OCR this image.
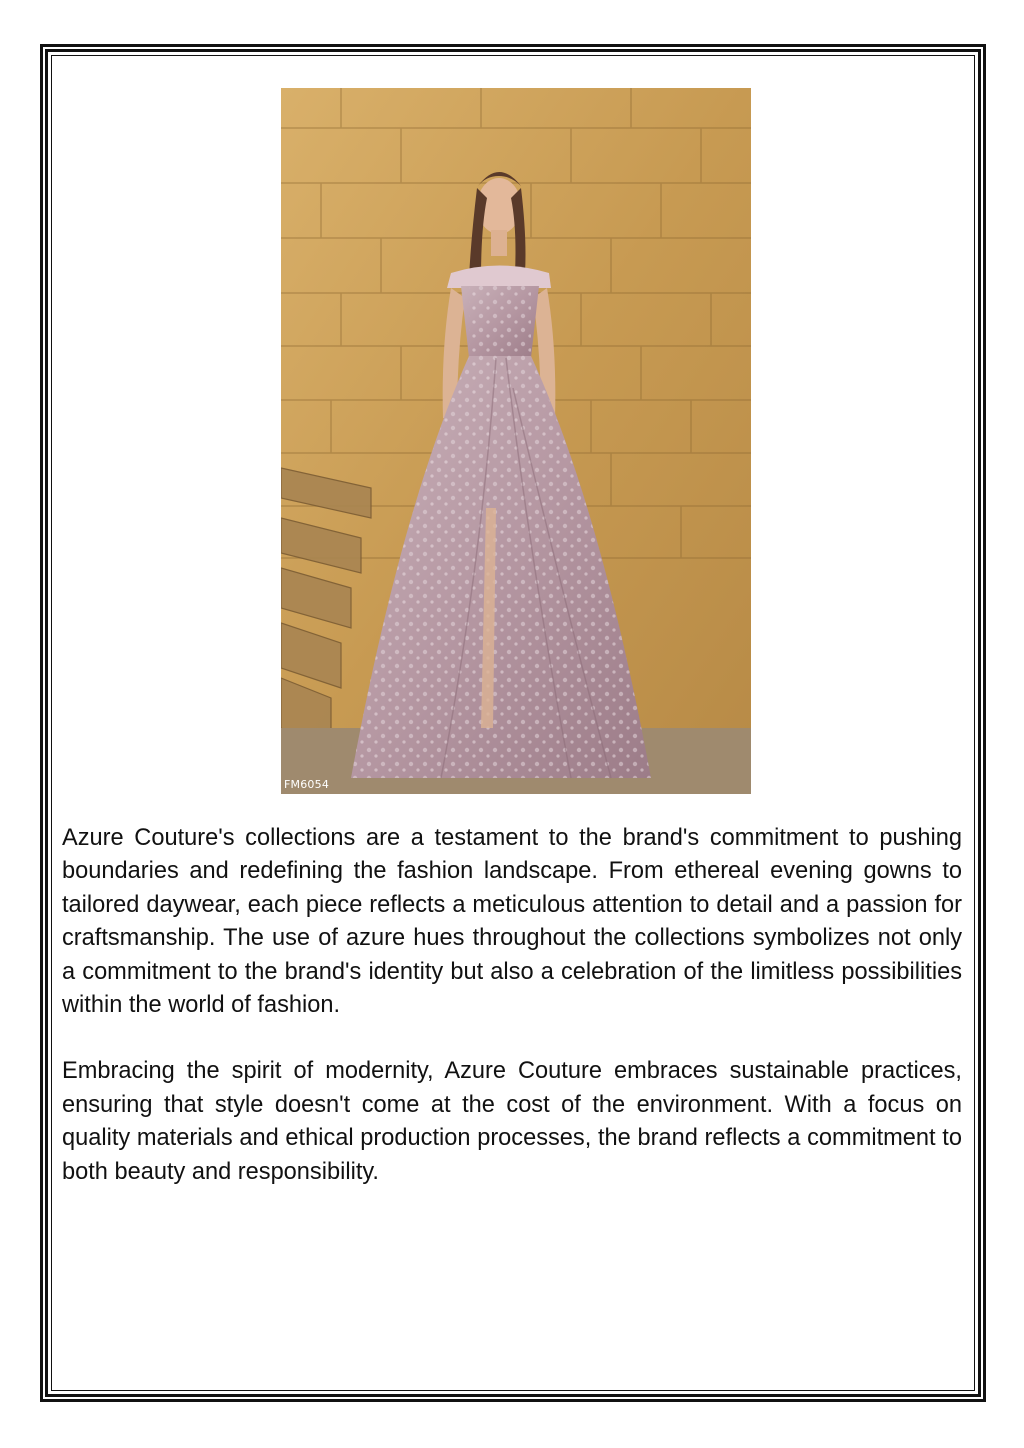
FM6054

Azure Couture's collections are a testament to the brand's commitment to pushing boundaries and redefining the fashion landscape. From ethereal evening gowns to tailored daywear, each piece reflects a meticulous attention to detail and a passion for craftsmanship. The use of azure hues throughout the collections symbolizes not only a commitment to the brand's identity but also a celebration of the limitless possibilities within the world of fashion.

Embracing the spirit of modernity, Azure Couture embraces sustainable practices, ensuring that style doesn't come at the cost of the environment. With a focus on quality materials and ethical production processes, the brand reflects a commitment to both beauty and responsibility.
